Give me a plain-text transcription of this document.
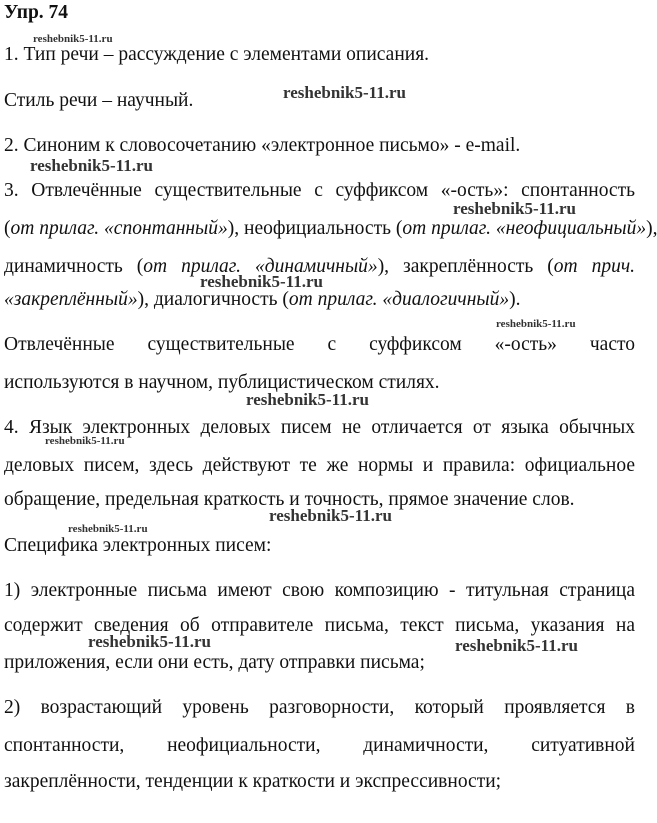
Упр. 74
reshebnik5-11.ru
reshebnik5-11.ru
reshebnik5-11.ru
reshebnik5-11.ru
reshebnik5-11.ru
reshebnik5-11.ru
reshebnik5-11.ru
reshebnik5-11.ru
reshebnik5-11.ru
reshebnik5-11.ru
reshebnik5-11.ru	reshebnik5-11.ru
1. Тип речи – рассуждение с элементами описания.
Стиль речи – научный.
2. Синоним к словосочетанию «электронное письмо» - e-mail.
3. Отвлечённые существительные с суффиксом «-ость»: спонтанность
(от прилаг. «спонтанный»), неофициальность (от прилаг. «неофициальный»),
динамичность (от прилаг. «динамичный»), закреплённость (от прич.
«закреплённый»), диалогичность (от прилаг. «диалогичный»).
Отвлечённые существительные с суффиксом «-ость» часто
используются в научном, публицистическом стилях.
4. Язык электронных деловых писем не отличается от языка обычных
деловых писем, здесь действуют те же нормы и правила: официальное
обращение, предельная краткость и точность, прямое значение слов.
Специфика электронных писем:
1) электронные письма имеют свою композицию - титульная страница
содержит сведения об отправителе письма, текст письма, указания на
приложения, если они есть, дату отправки письма;
2) возрастающий уровень разговорности, который проявляется в
спонтанности, неофициальности, динамичности, ситуативной
закреплённости, тенденции к краткости и экспрессивности;
